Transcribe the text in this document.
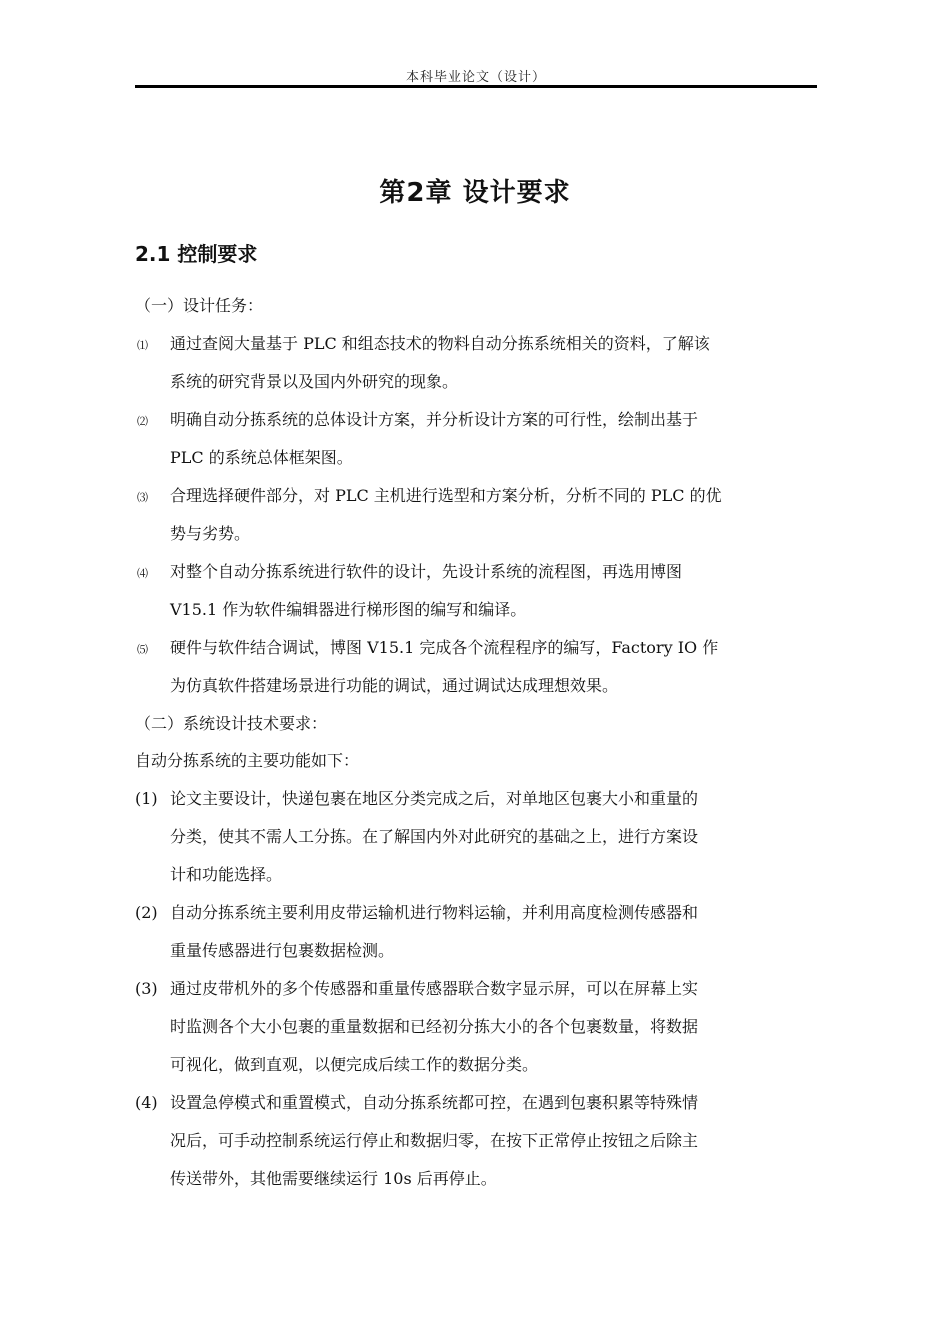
本科毕业论文（设计）
第2章 设计要求
2.1 控制要求
（一）设计任务：
⑴ 通过查阅大量基于 PLC 和组态技术的物料自动分拣系统相关的资料，了解该
系统的研究背景以及国内外研究的现象。
⑵ 明确自动分拣系统的总体设计方案，并分析设计方案的可行性，绘制出基于
PLC 的系统总体框架图。
⑶ 合理选择硬件部分，对 PLC 主机进行选型和方案分析，分析不同的 PLC 的优
势与劣势。
⑷ 对整个自动分拣系统进行软件的设计，先设计系统的流程图，再选用博图
V15.1 作为软件编辑器进行梯形图的编写和编译。
⑸ 硬件与软件结合调试，博图 V15.1 完成各个流程程序的编写，Factory IO 作
为仿真软件搭建场景进行功能的调试，通过调试达成理想效果。
（二）系统设计技术要求：
自动分拣系统的主要功能如下：
(1) 论文主要设计，快递包裹在地区分类完成之后，对单地区包裹大小和重量的
分类，使其不需人工分拣。在了解国内外对此研究的基础之上，进行方案设
计和功能选择。
(2) 自动分拣系统主要利用皮带运输机进行物料运输，并利用高度检测传感器和
重量传感器进行包裹数据检测。
(3) 通过皮带机外的多个传感器和重量传感器联合数字显示屏，可以在屏幕上实
时监测各个大小包裹的重量数据和已经初分拣大小的各个包裹数量，将数据
可视化，做到直观，以便完成后续工作的数据分类。
(4) 设置急停模式和重置模式，自动分拣系统都可控，在遇到包裹积累等特殊情
况后，可手动控制系统运行停止和数据归零，在按下正常停止按钮之后除主
传送带外，其他需要继续运行 10s 后再停止。
